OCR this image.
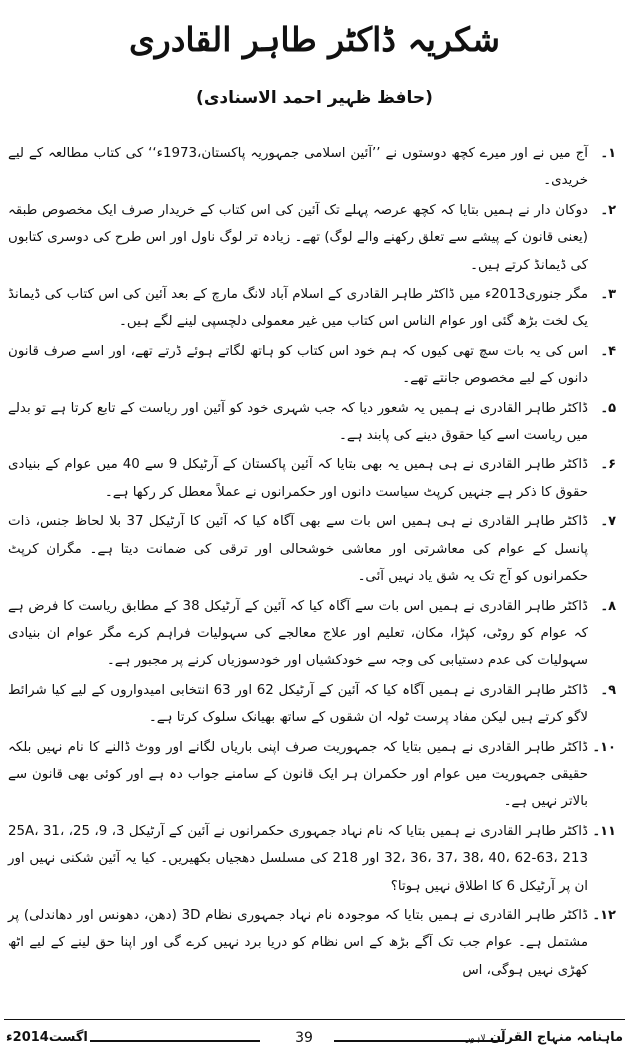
شکریہ ڈاکٹر طاہر القادری
(حافظ ظہیر احمد الاسنادی)
۱۔
آج میں نے اور میرے کچھ دوستوں نے ’’آئین اسلامی جمہوریہ پاکستان،1973ء‘‘ کی کتاب مطالعہ کے لیے خریدی۔
۲۔
دوکان دار نے ہمیں بتایا کہ کچھ عرصہ پہلے تک آئین کی اس کتاب کے خریدار صرف ایک مخصوص طبقہ (یعنی قانون کے پیشے سے تعلق رکھنے والے لوگ) تھے۔ زیادہ تر لوگ ناول اور اس طرح کی دوسری کتابوں کی ڈیمانڈ کرتے ہیں۔
۳۔
مگر جنوری2013ء میں ڈاکٹر طاہر القادری کے اسلام آباد لانگ مارچ کے بعد آئین کی اس کتاب کی ڈیمانڈ یک لخت بڑھ گئی اور عوام الناس اس کتاب میں غیر معمولی دلچسپی لینے لگے ہیں۔
۴۔
اس کی یہ بات سچ تھی کیوں کہ ہم خود اس کتاب کو ہاتھ لگاتے ہوئے ڈرتے تھے، اور اسے صرف قانون دانوں کے لیے مخصوص جانتے تھے۔
۵۔
ڈاکٹر طاہر القادری نے ہمیں یہ شعور دیا کہ جب شہری خود کو آئین اور ریاست کے تابع کرتا ہے تو بدلے میں ریاست اسے کیا حقوق دینے کی پابند ہے۔
۶۔
ڈاکٹر طاہر القادری نے ہی ہمیں یہ بھی بتایا کہ آئین پاکستان کے آرٹیکل 9 سے 40 میں عوام کے بنیادی حقوق کا ذکر ہے جنہیں کرپٹ سیاست دانوں اور حکمرانوں نے عملاً معطل کر رکھا ہے۔
۷۔
ڈاکٹر طاہر القادری نے ہی ہمیں اس بات سے بھی آگاہ کیا کہ آئین کا آرٹیکل 37 بلا لحاظ جنس، ذات پانسل کے عوام کی معاشرتی اور معاشی خوشحالی اور ترقی کی ضمانت دیتا ہے۔ مگران کرپٹ حکمرانوں کو آج تک یہ شق یاد نہیں آئی۔
۸۔
ڈاکٹر طاہر القادری نے ہمیں اس بات سے آگاہ کیا کہ آئین کے آرٹیکل 38 کے مطابق ریاست کا فرض ہے کہ عوام کو روٹی، کپڑا، مکان، تعلیم اور علاج معالجے کی سہولیات فراہم کرے مگر عوام ان بنیادی سہولیات کی عدم دستیابی کی وجہ سے خودکشیاں اور خودسوزیاں کرنے پر مجبور ہے۔
۹۔
ڈاکٹر طاہر القادری نے ہمیں آگاہ کیا کہ آئین کے آرٹیکل 62 اور 63 انتخابی امیدواروں کے لیے کیا شرائط لاگو کرتے ہیں لیکن مفاد پرست ٹولہ ان شقوں کے ساتھ بھیانک سلوک کرتا ہے۔
۱۰۔
ڈاکٹر طاہر القادری نے ہمیں بتایا کہ جمہوریت صرف اپنی باریاں لگانے اور ووٹ ڈالنے کا نام نہیں بلکہ حقیقی جمہوریت میں عوام اور حکمران ہر ایک قانون کے سامنے جواب دہ ہے اور کوئی بھی قانون سے بالاتر نہیں ہے۔
۱۱۔
ڈاکٹر طاہر القادری نے ہمیں بتایا کہ نام نہاد جمہوری حکمرانوں نے آئین کے آرٹیکل 3، 9، 25، 25A، 31، 32، 36، 37، 38، 40، 62-63، 213 اور 218 کی مسلسل دھجیاں بکھیریں۔ کیا یہ آئین شکنی نہیں اور ان پر آرٹیکل 6 کا اطلاق نہیں ہوتا؟
۱۲۔
ڈاکٹر طاہر القادری نے ہمیں بتایا کہ موجودہ نام نہاد جمہوری نظام 3D (دھن، دھونس اور دھاندلی) پر مشتمل ہے۔ عوام جب تک آگے بڑھ کے اس نظام کو دریا برد نہیں کرے گی اور اپنا حق لینے کے لیے اٹھ کھڑی نہیں ہوگی، اس
اگست2014ء	39	ماہنامہ منہاج القرآن لاہور
